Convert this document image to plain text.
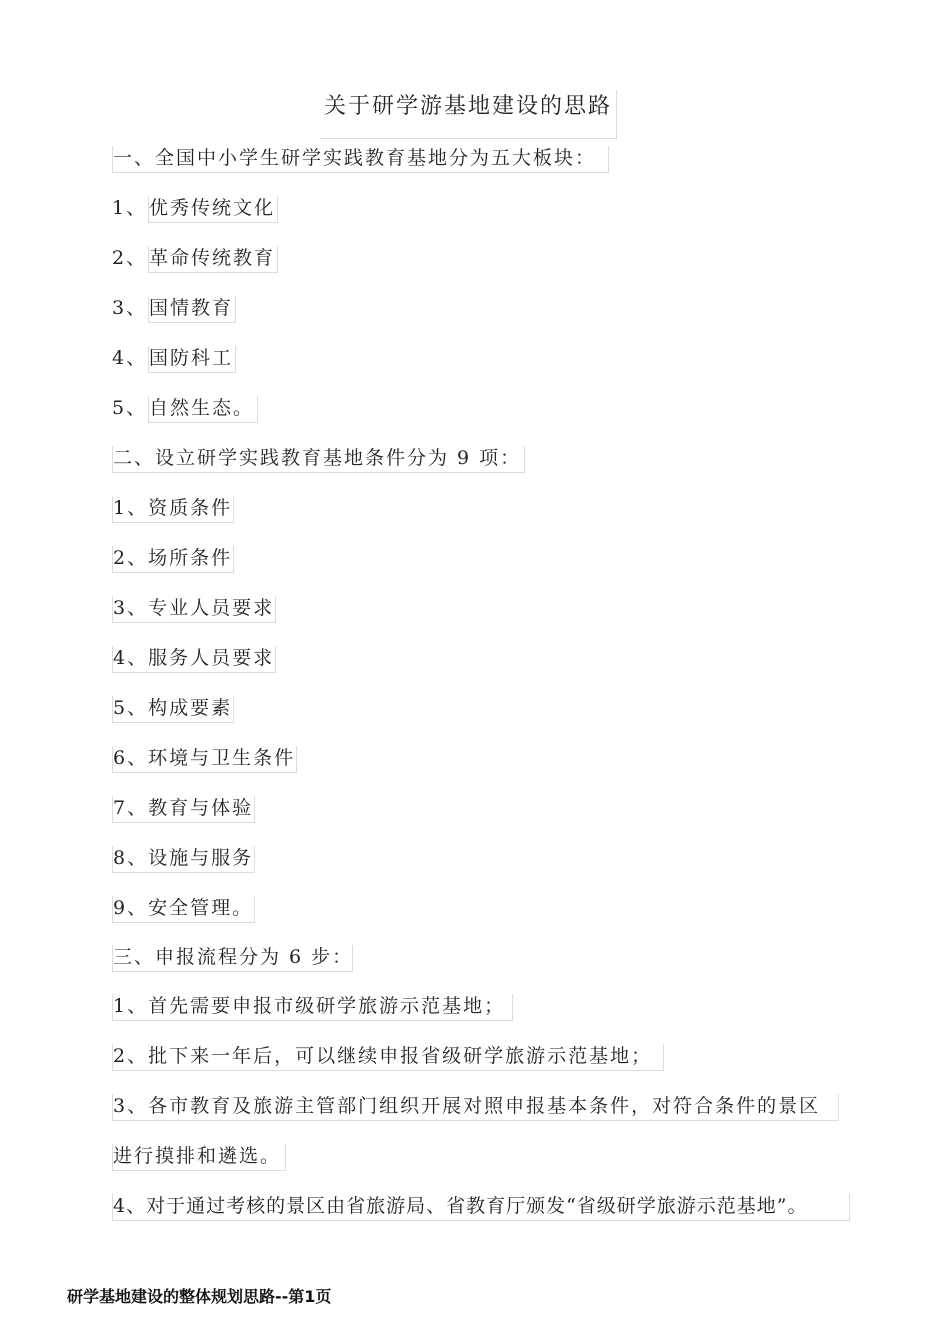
关于研学游基地建设的思路
一、全国中小学生研学实践教育基地分为五大板块：
1、 优秀传统文化
2、 革命传统教育
3、 国情教育
4、 国防科工
5、 自然生态。
二、设立研学实践教育基地条件分为 9 项：
1、资质条件
2、场所条件
3、专业人员要求
4、服务人员要求
5、构成要素
6、环境与卫生条件
7、教育与体验
8、设施与服务
9、安全管理。
三、申报流程分为 6 步：
1、首先需要申报市级研学旅游示范基地；
2、批下来一年后，可以继续申报省级研学旅游示范基地；
3、各市教育及旅游主管部门组织开展对照申报基本条件，对符合条件的景区
进行摸排和遴选。
4、对于通过考核的景区由省旅游局、省教育厅颁发“省级研学旅游示范基地”。
研学基地建设的整体规划思路--第1页
